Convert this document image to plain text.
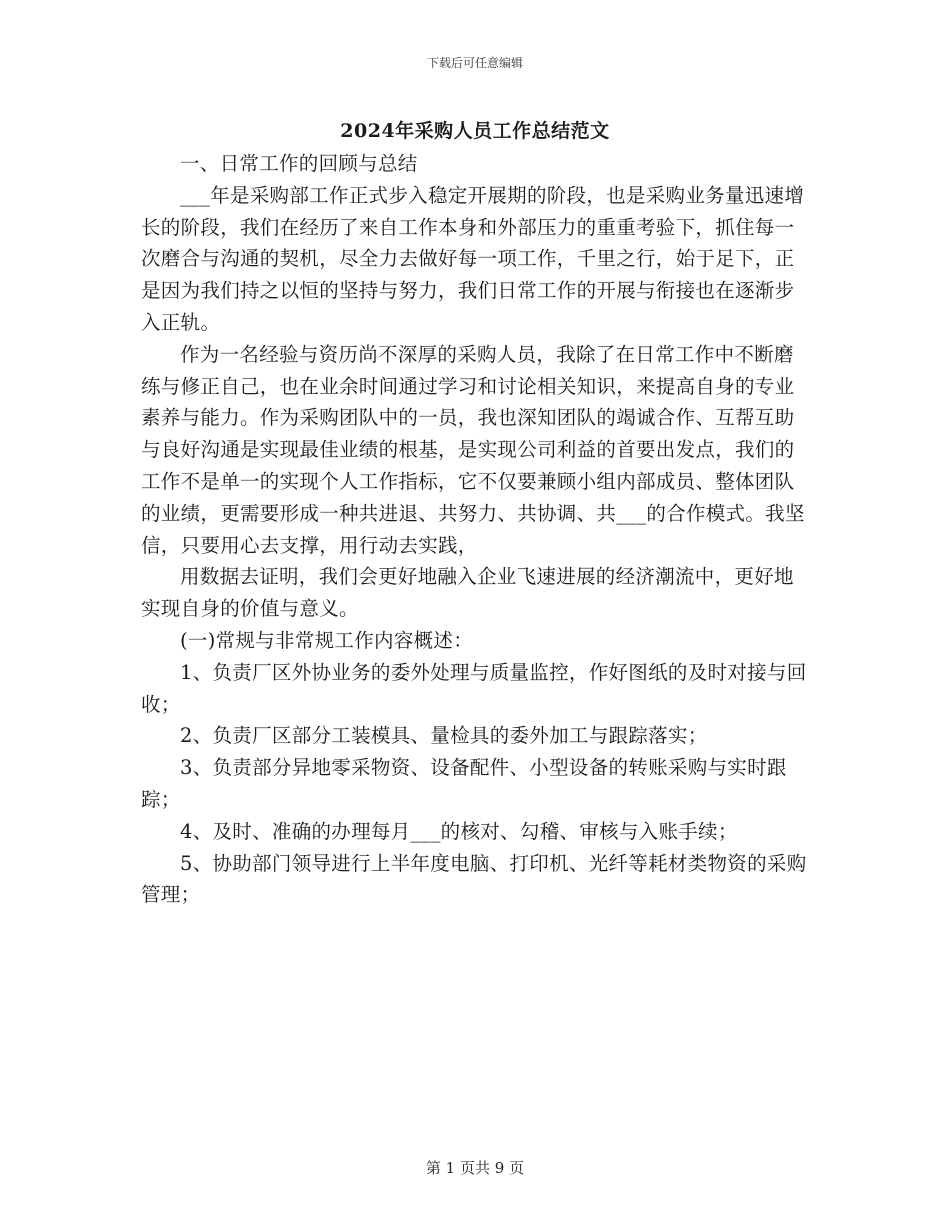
下载后可任意编辑
2024年采购人员工作总结范文

一、日常工作的回顾与总结

___年是采购部工作正式步入稳定开展期的阶段，也是采购业务量迅速增长的阶段，我们在经历了来自工作本身和外部压力的重重考验下，抓住每一次磨合与沟通的契机，尽全力去做好每一项工作，千里之行，始于足下，正是因为我们持之以恒的坚持与努力，我们日常工作的开展与衔接也在逐渐步入正轨。

作为一名经验与资历尚不深厚的采购人员，我除了在日常工作中不断磨练与修正自己，也在业余时间通过学习和讨论相关知识，来提高自身的专业素养与能力。作为采购团队中的一员，我也深知团队的竭诚合作、互帮互助与良好沟通是实现最佳业绩的根基，是实现公司利益的首要出发点，我们的工作不是单一的实现个人工作指标，它不仅要兼顾小组内部成员、整体团队的业绩，更需要形成一种共进退、共努力、共协调、共___的合作模式。我坚信，只要用心去支撑，用行动去实践，

用数据去证明，我们会更好地融入企业飞速进展的经济潮流中，更好地实现自身的价值与意义。

(一)常规与非常规工作内容概述：

1、负责厂区外协业务的委外处理与质量监控，作好图纸的及时对接与回收；

2、负责厂区部分工装模具、量检具的委外加工与跟踪落实；

3、负责部分异地零采物资、设备配件、小型设备的转账采购与实时跟踪；

4、及时、准确的办理每月___的核对、勾稽、审核与入账手续；

5、协助部门领导进行上半年度电脑、打印机、光纤等耗材类物资的采购管理；

第 1 页共 9 页
